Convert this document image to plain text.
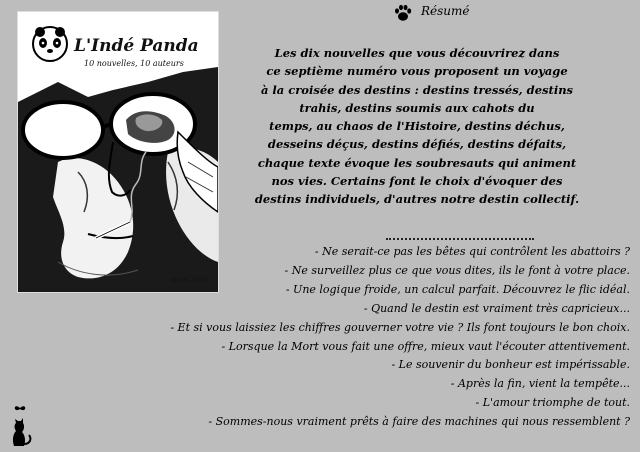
L'Indé Panda
10 nouvelles, 10 auteurs
mars 2019
Résumé
Les dix nouvelles que vous découvrirez dans
ce septième numéro vous proposent un voyage
à la croisée des destins : destins tressés, destins
trahis, destins soumis aux cahots du
temps, au chaos de l'Histoire, destins déchus,
desseins déçus, destins défiés, destins défaits,
chaque texte évoque les soubresauts qui animent
nos vies. Certains font le choix d'évoquer des
destins individuels, d'autres notre destin collectif.
- Ne serait-ce pas les bêtes qui contrôlent les abattoirs ?
- Ne surveillez plus ce que vous dites, ils le font à votre place.
- Une logique froide, un calcul parfait. Découvrez le flic idéal.
- Quand le destin est vraiment très capricieux...
- Et si vous laissiez les chiffres gouverner votre vie ? Ils font toujours le bon choix.
- Lorsque la Mort vous fait une offre, mieux vaut l'écouter attentivement.
- Le souvenir du bonheur est impérissable.
- Après la fin, vient la tempête...
- L'amour triomphe de tout.
- Sommes-nous vraiment prêts à faire des machines qui nous ressemblent ?
